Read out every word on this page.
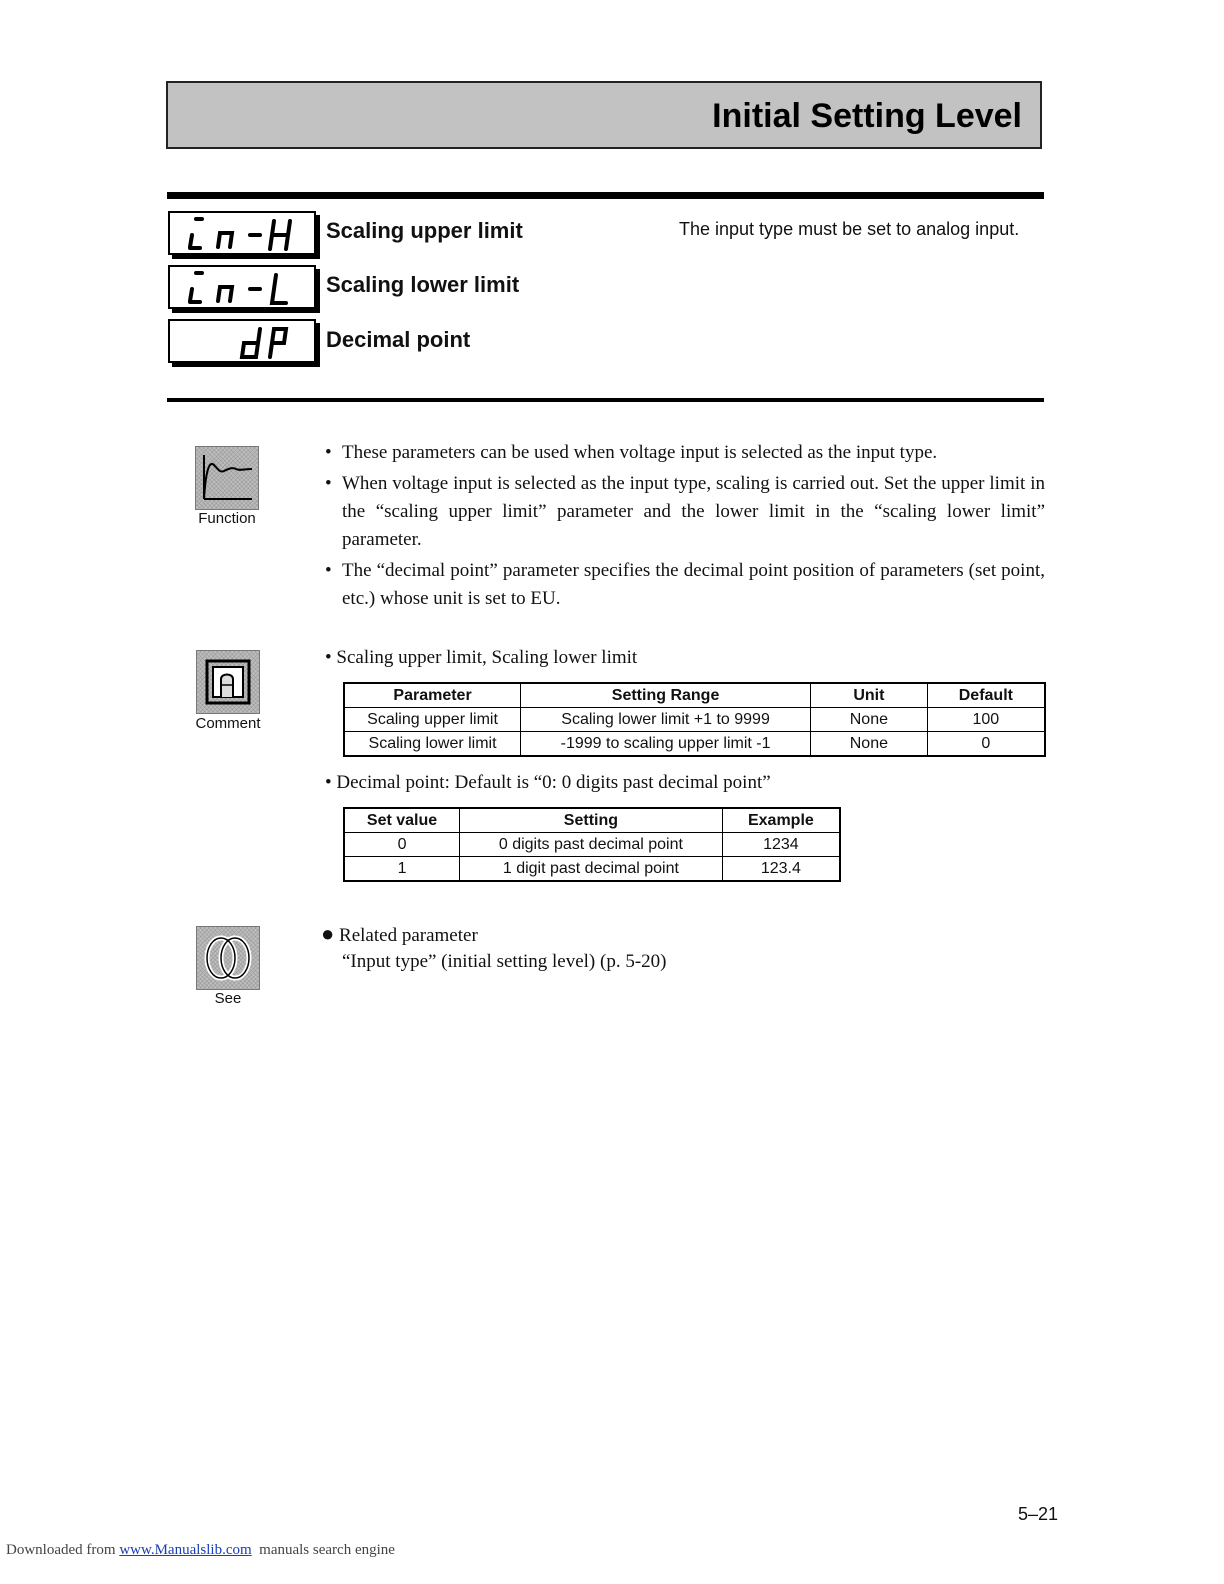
Initial Setting Level
Scaling upper limit
Scaling lower limit
Decimal point
The input type must be set to analog input.
Function
• These parameters can be used when voltage input is selected as the input type.
• When voltage input is selected as the input type, scaling is carried out. Set the upper limit in the “scaling upper limit” parameter and the lower limit in the “scaling lower limit” parameter.
• The “decimal point” parameter specifies the decimal point position of parameters (set point, etc.) whose unit is set to EU.
Comment
• Scaling upper limit, Scaling lower limit
Parameter	Setting Range	Unit	Default
Scaling upper limit	Scaling lower limit +1 to 9999	None	100
Scaling lower limit	-1999 to scaling upper limit -1	None	0
• Decimal point: Default is “0: 0 digits past decimal point”
Set value	Setting	Example
0	0 digits past decimal point	1234
1	1 digit past decimal point	123.4
See
● Related parameter
“Input type” (initial setting level) (p. 5-20)
5–21
Downloaded from www.Manualslib.com manuals search engine
